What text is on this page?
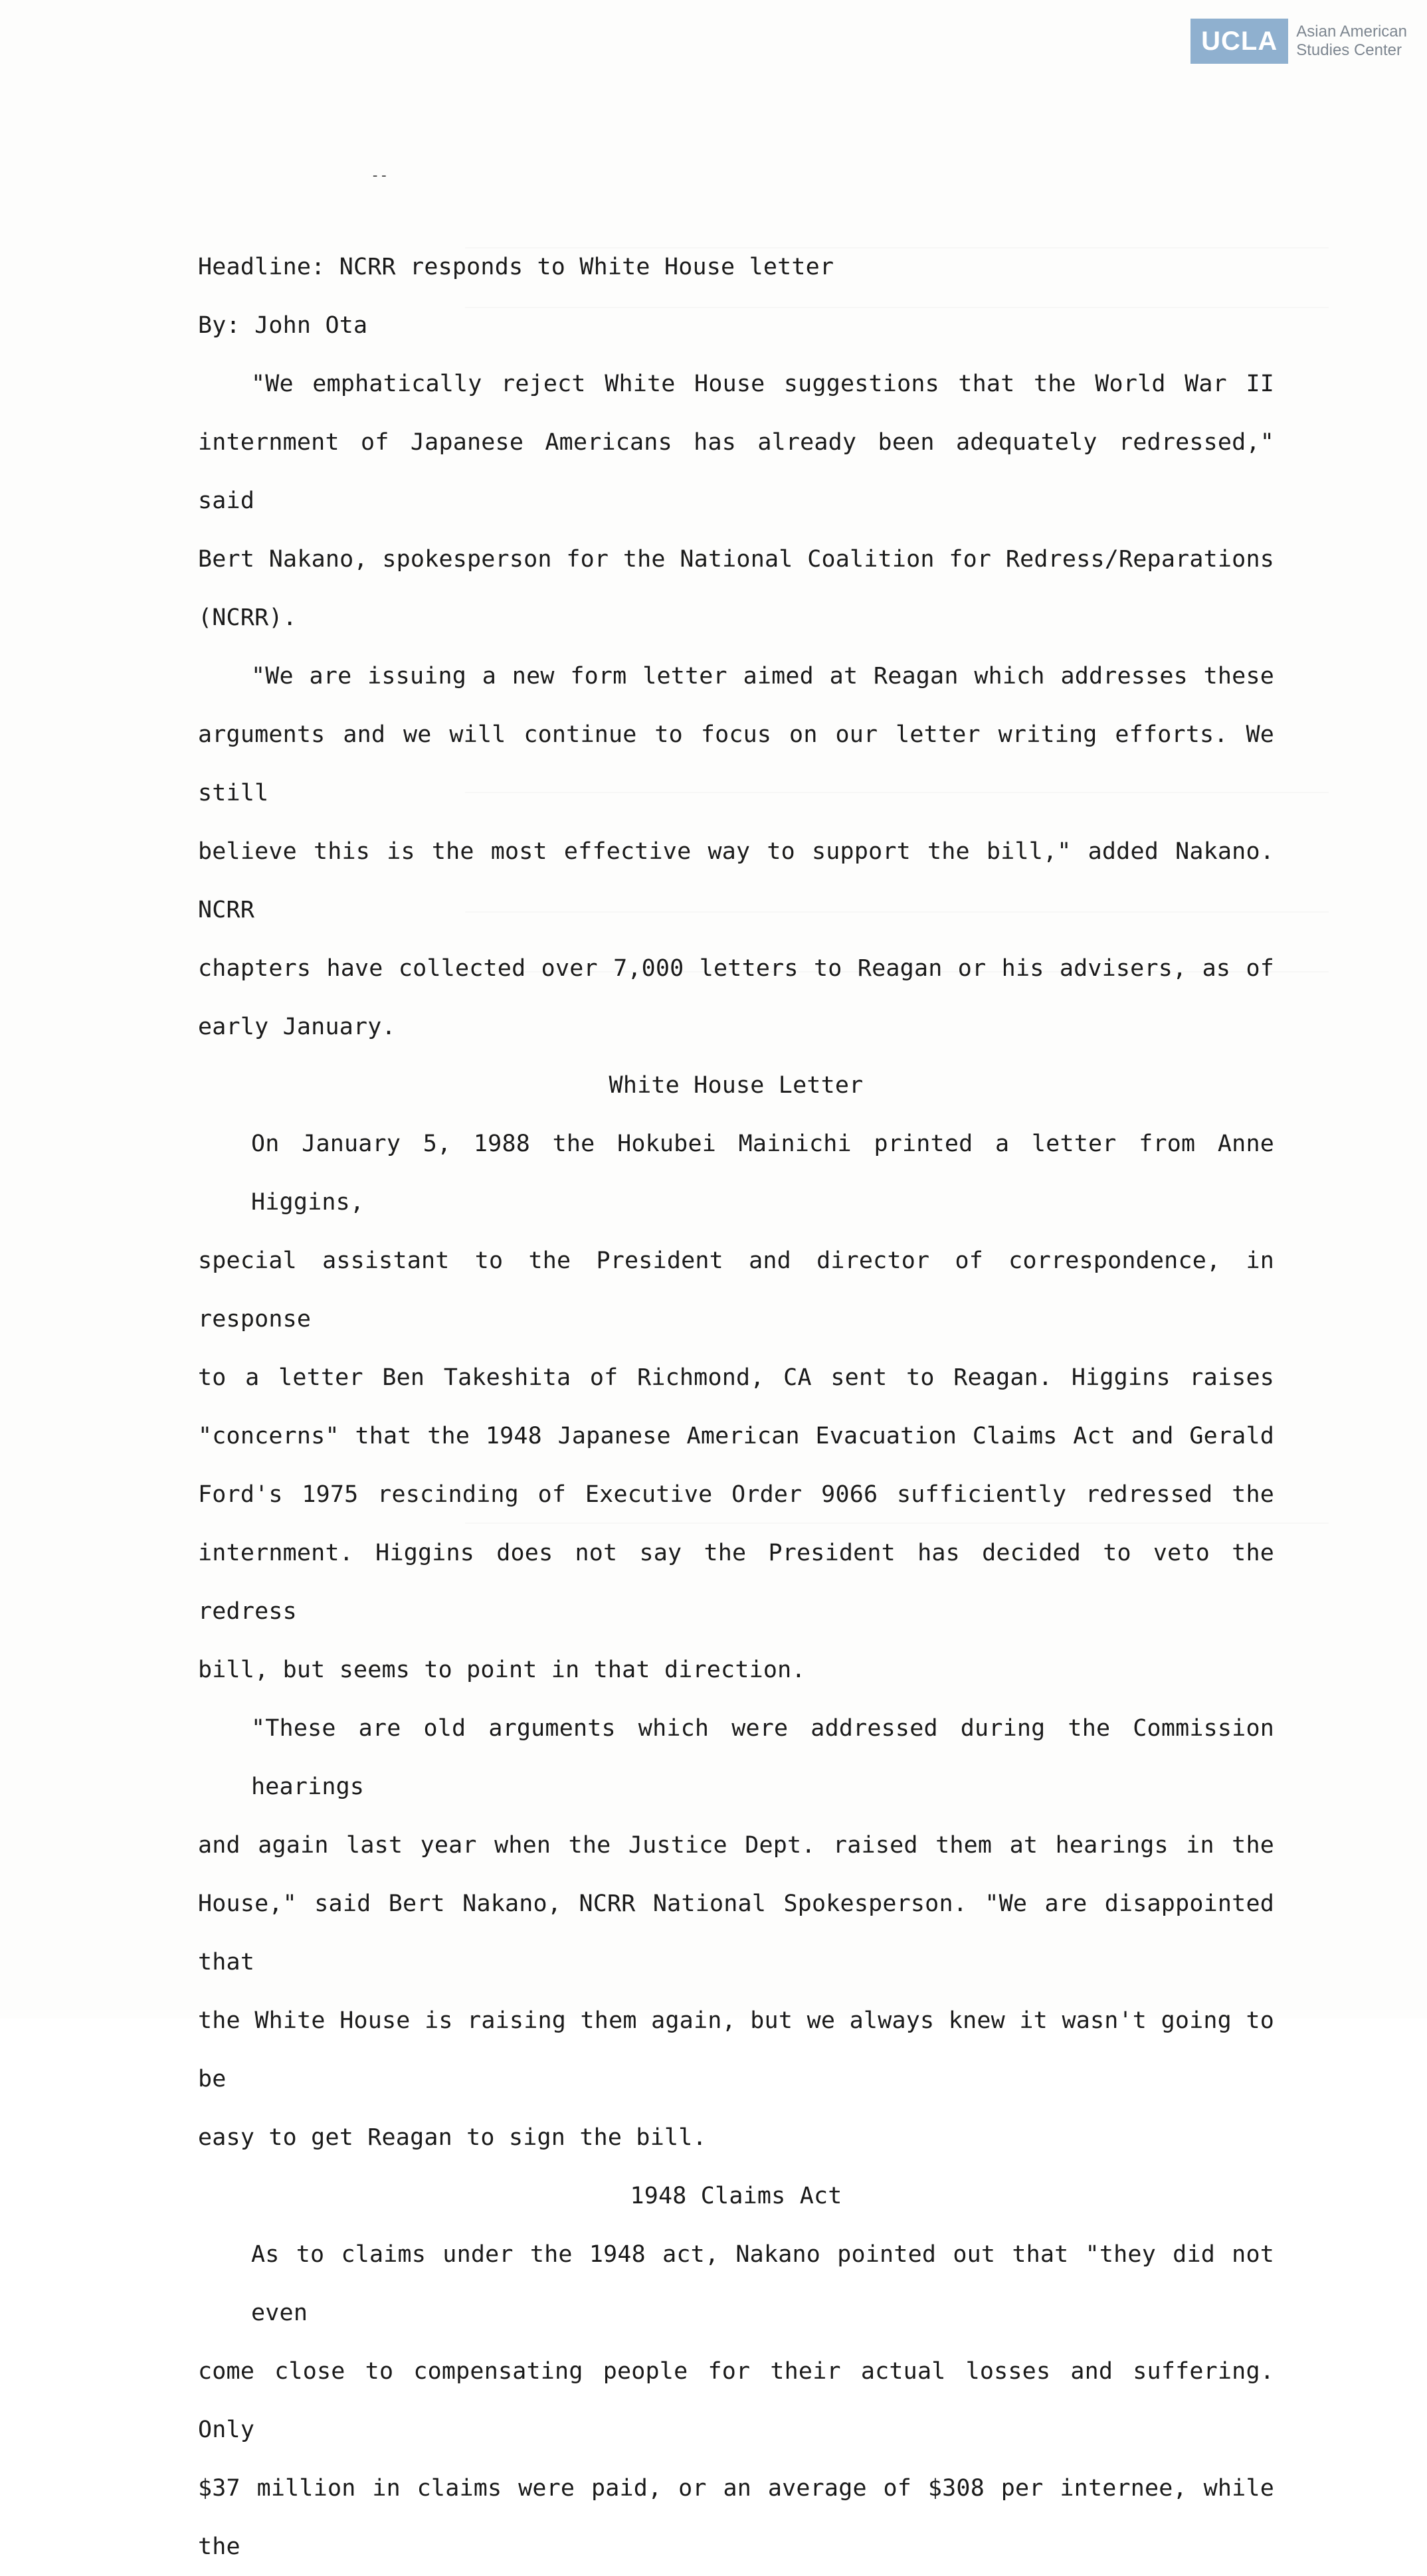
UCLA	Asian American
Studies Center
--

Headline: NCRR responds to White House letter

By: John Ota

"We emphatically reject White House suggestions that the World War II

internment of Japanese Americans has already been adequately redressed," said

Bert Nakano, spokesperson for the National Coalition for Redress/Reparations

(NCRR).

"We are issuing a new form letter aimed at Reagan which addresses these

arguments and we will continue to focus on our letter writing efforts. We still

believe this is the most effective way to support the bill," added Nakano. NCRR

chapters have collected over 7,000 letters to Reagan or his advisers, as of

early January.

White House Letter

On January 5, 1988 the Hokubei Mainichi printed a letter from Anne Higgins,

special assistant to the President and director of correspondence, in response

to a letter Ben Takeshita of Richmond, CA sent to Reagan. Higgins raises

"concerns" that the 1948 Japanese American Evacuation Claims Act and Gerald

Ford's 1975 rescinding of Executive Order 9066 sufficiently redressed the

internment. Higgins does not say the President has decided to veto the redress

bill, but seems to point in that direction.

"These are old arguments which were addressed during the Commission hearings

and again last year when the Justice Dept. raised them at hearings in the

House," said Bert Nakano, NCRR National Spokesperson. "We are disappointed that

the White House is raising them again, but we always knew it wasn't going to be

easy to get Reagan to sign the bill.

1948 Claims Act

As to claims under the 1948 act, Nakano pointed out that "they did not even

come close to compensating people for their actual losses and suffering. Only

$37 million in claims were paid, or an average of $308 per internee, while the
